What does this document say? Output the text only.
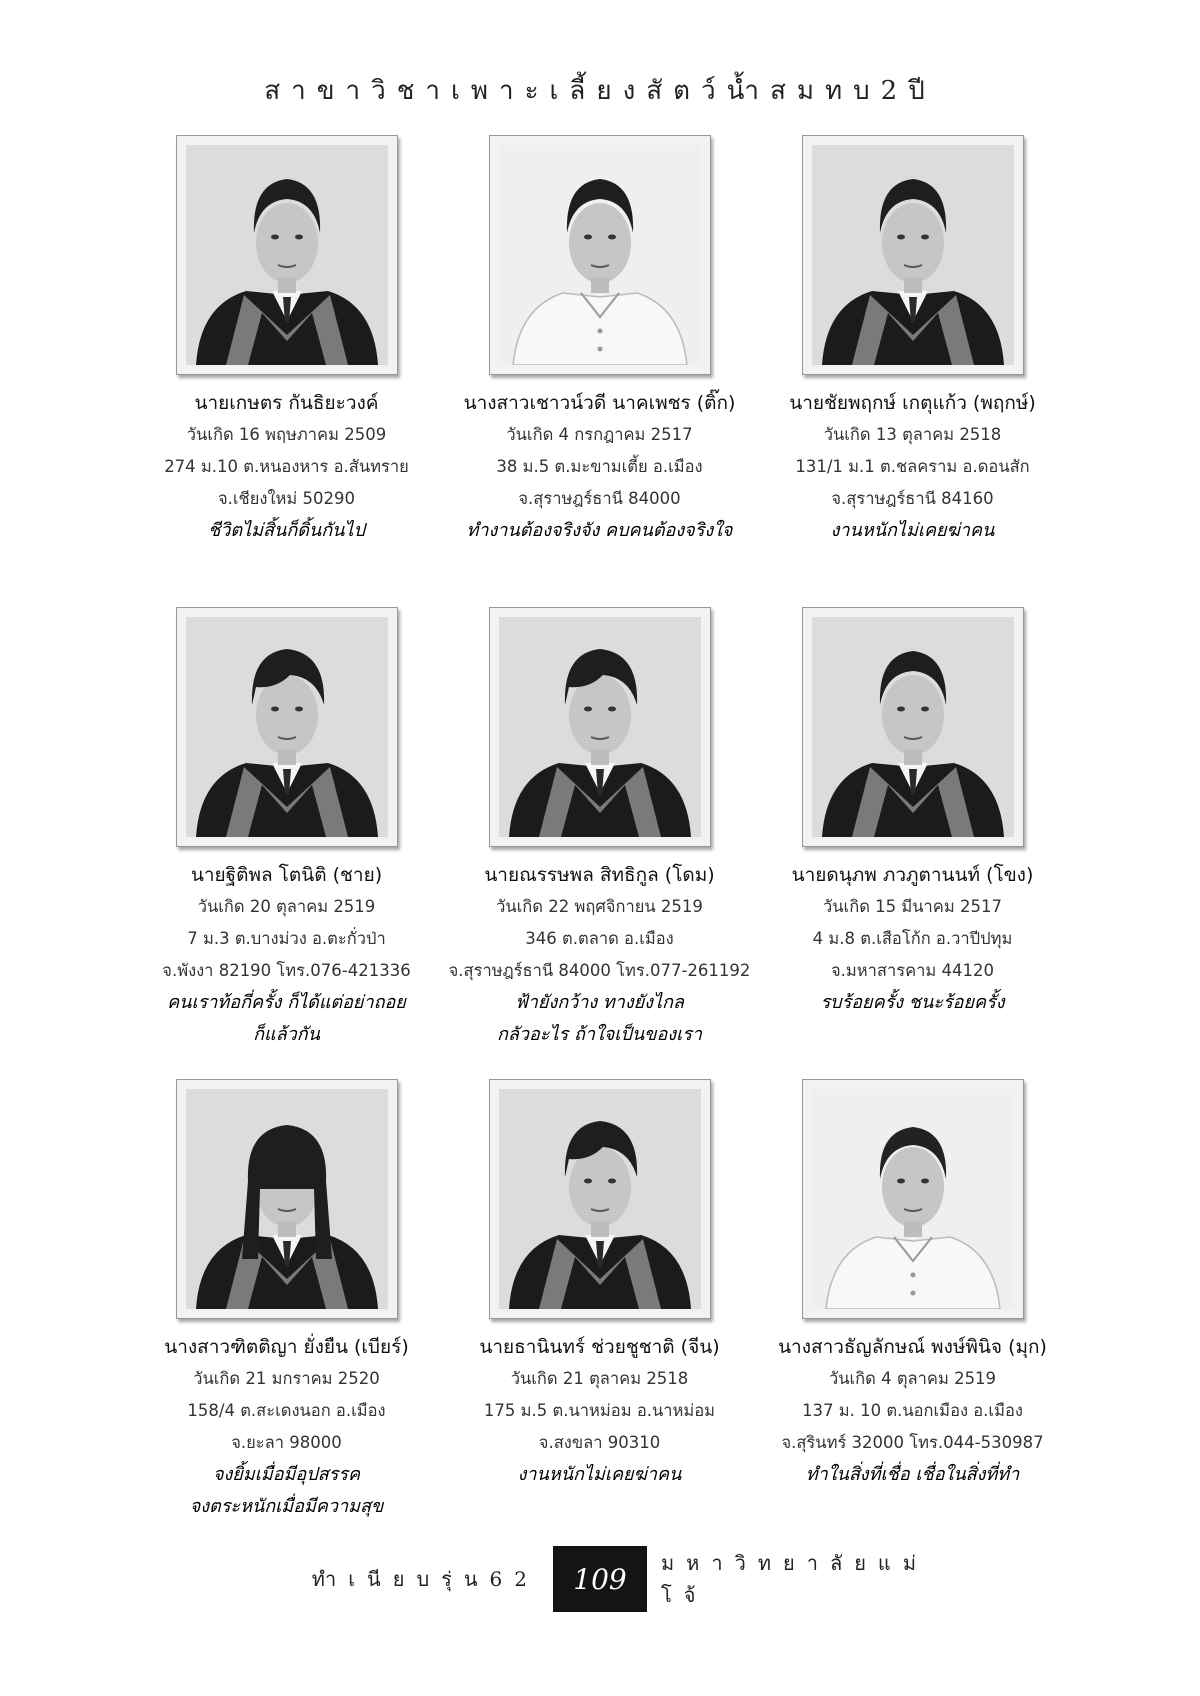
สาขาวิชาเพาะเลี้ยงสัตว์น้ำสมทบ2ปี
นายเกษตร กันธิยะวงค์
วันเกิด 16 พฤษภาคม 2509
274 ม.10 ต.หนองหาร อ.สันทราย
จ.เชียงใหม่ 50290
ชีวิตไม่สิ้นก็ดิ้นกันไป
นางสาวเชาวน์วดี นาคเพชร (ติ๊ก)
วันเกิด 4 กรกฎาคม 2517
38 ม.5 ต.มะขามเตี้ย อ.เมือง
จ.สุราษฎร์ธานี 84000
ทำงานต้องจริงจัง คบคนต้องจริงใจ
นายชัยพฤกษ์ เกตุแก้ว (พฤกษ์)
วันเกิด 13 ตุลาคม 2518
131/1 ม.1 ต.ชลคราม อ.ดอนสัก
จ.สุราษฎร์ธานี 84160
งานหนักไม่เคยฆ่าคน
นายฐิติพล โตนิติ (ชาย)
วันเกิด 20 ตุลาคม 2519
7 ม.3 ต.บางม่วง อ.ตะกั่วป่า
จ.พังงา 82190 โทร.076-421336
คนเราท้อกี่ครั้ง ก็ได้แต่อย่าถอย
ก็แล้วกัน
นายณรรษพล สิทธิกูล (โดม)
วันเกิด 22 พฤศจิกายน 2519
346 ต.ตลาด อ.เมือง
จ.สุราษฎร์ธานี 84000 โทร.077-261192
ฟ้ายังกว้าง ทางยังไกล
กลัวอะไร ถ้าใจเป็นของเรา
นายดนุภพ ภวภูตานนท์ (โขง)
วันเกิด 15 มีนาคม 2517
4 ม.8 ต.เสือโก้ก อ.วาปีปทุม
จ.มหาสารคาม 44120
รบร้อยครั้ง ชนะร้อยครั้ง
นางสาวฑิตติญา ยั่งยืน (เบียร์)
วันเกิด 21 มกราคม 2520
158/4 ต.สะเดงนอก อ.เมือง
จ.ยะลา 98000
จงยิ้มเมื่อมีอุปสรรค
จงตระหนักเมื่อมีความสุข
นายธานินทร์ ช่วยชูชาติ (จีน)
วันเกิด 21 ตุลาคม 2518
175 ม.5 ต.นาหม่อม อ.นาหม่อม
จ.สงขลา 90310
งานหนักไม่เคยฆ่าคน
นางสาวธัญลักษณ์ พงษ์พินิจ (มุก)
วันเกิด 4 ตุลาคม 2519
137 ม. 10 ต.นอกเมือง อ.เมือง
จ.สุรินทร์ 32000 โทร.044-530987
ทำในสิ่งที่เชื่อ เชื่อในสิ่งที่ทำ
ทำเนียบรุ่น62	109	มหาวิทยาลัยแม่โจ้
